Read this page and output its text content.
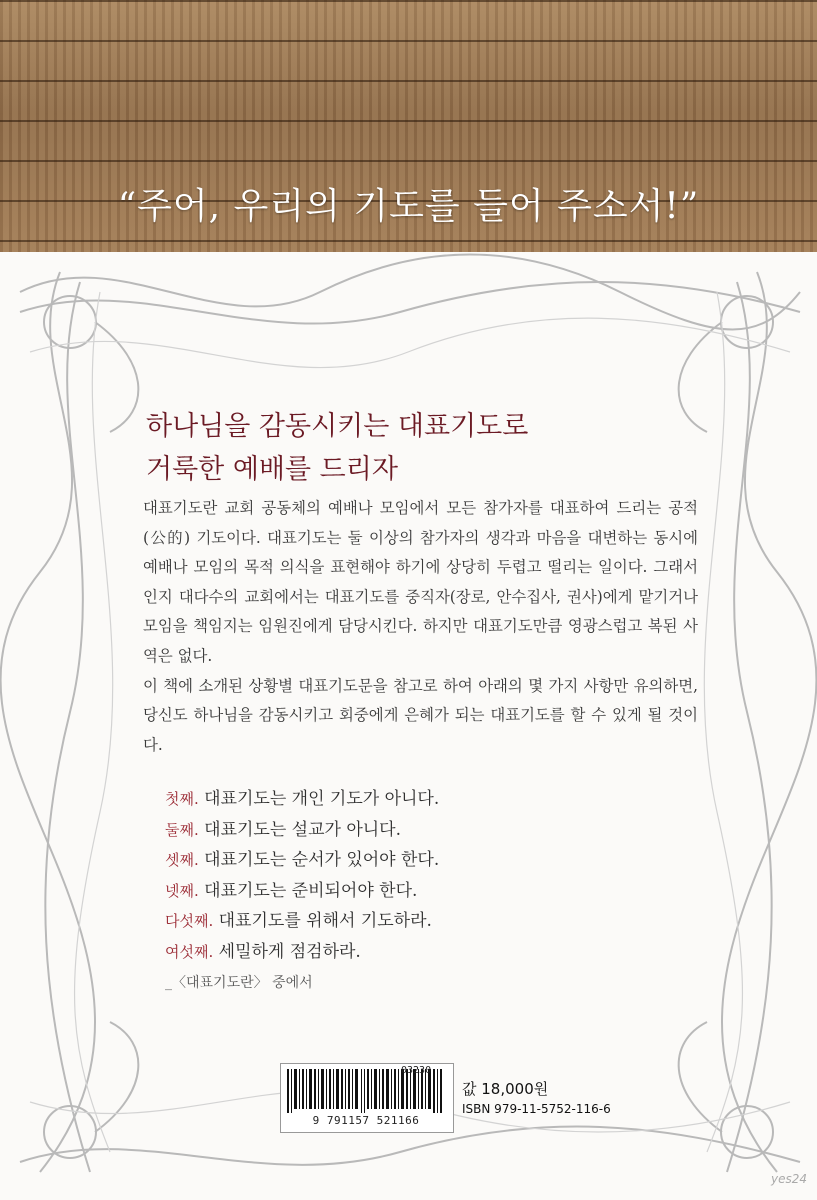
“주어, 우리의 기도를 들어 주소서!”
하나님을 감동시키는 대표기도로
거룩한 예배를 드리자

대표기도란 교회 공동체의 예배나 모임에서 모든 참가자를 대표하여 드리는 공적(公的) 기도이다. 대표기도는 둘 이상의 참가자의 생각과 마음을 대변하는 동시에 예배나 모임의 목적 의식을 표현해야 하기에 상당히 두렵고 떨리는 일이다. 그래서인지 대다수의 교회에서는 대표기도를 중직자(장로, 안수집사, 권사)에게 맡기거나 모임을 책임지는 임원진에게 담당시킨다. 하지만 대표기도만큼 영광스럽고 복된 사역은 없다.

이 책에 소개된 상황별 대표기도문을 참고로 하여 아래의 몇 가지 사항만 유의하면, 당신도 하나님을 감동시키고 회중에게 은혜가 되는 대표기도를 할 수 있게 될 것이다.

첫째. 대표기도는 개인 기도가 아니다.
둘째. 대표기도는 설교가 아니다.
셋째. 대표기도는 순서가 있어야 한다.
넷째. 대표기도는 준비되어야 한다.
다섯째. 대표기도를 위해서 기도하라.
여섯째. 세밀하게 점검하라.
_〈대표기도란〉 중에서
9 791157 521166
03230
값 18,000원
ISBN 979-11-5752-116-6
yes24
